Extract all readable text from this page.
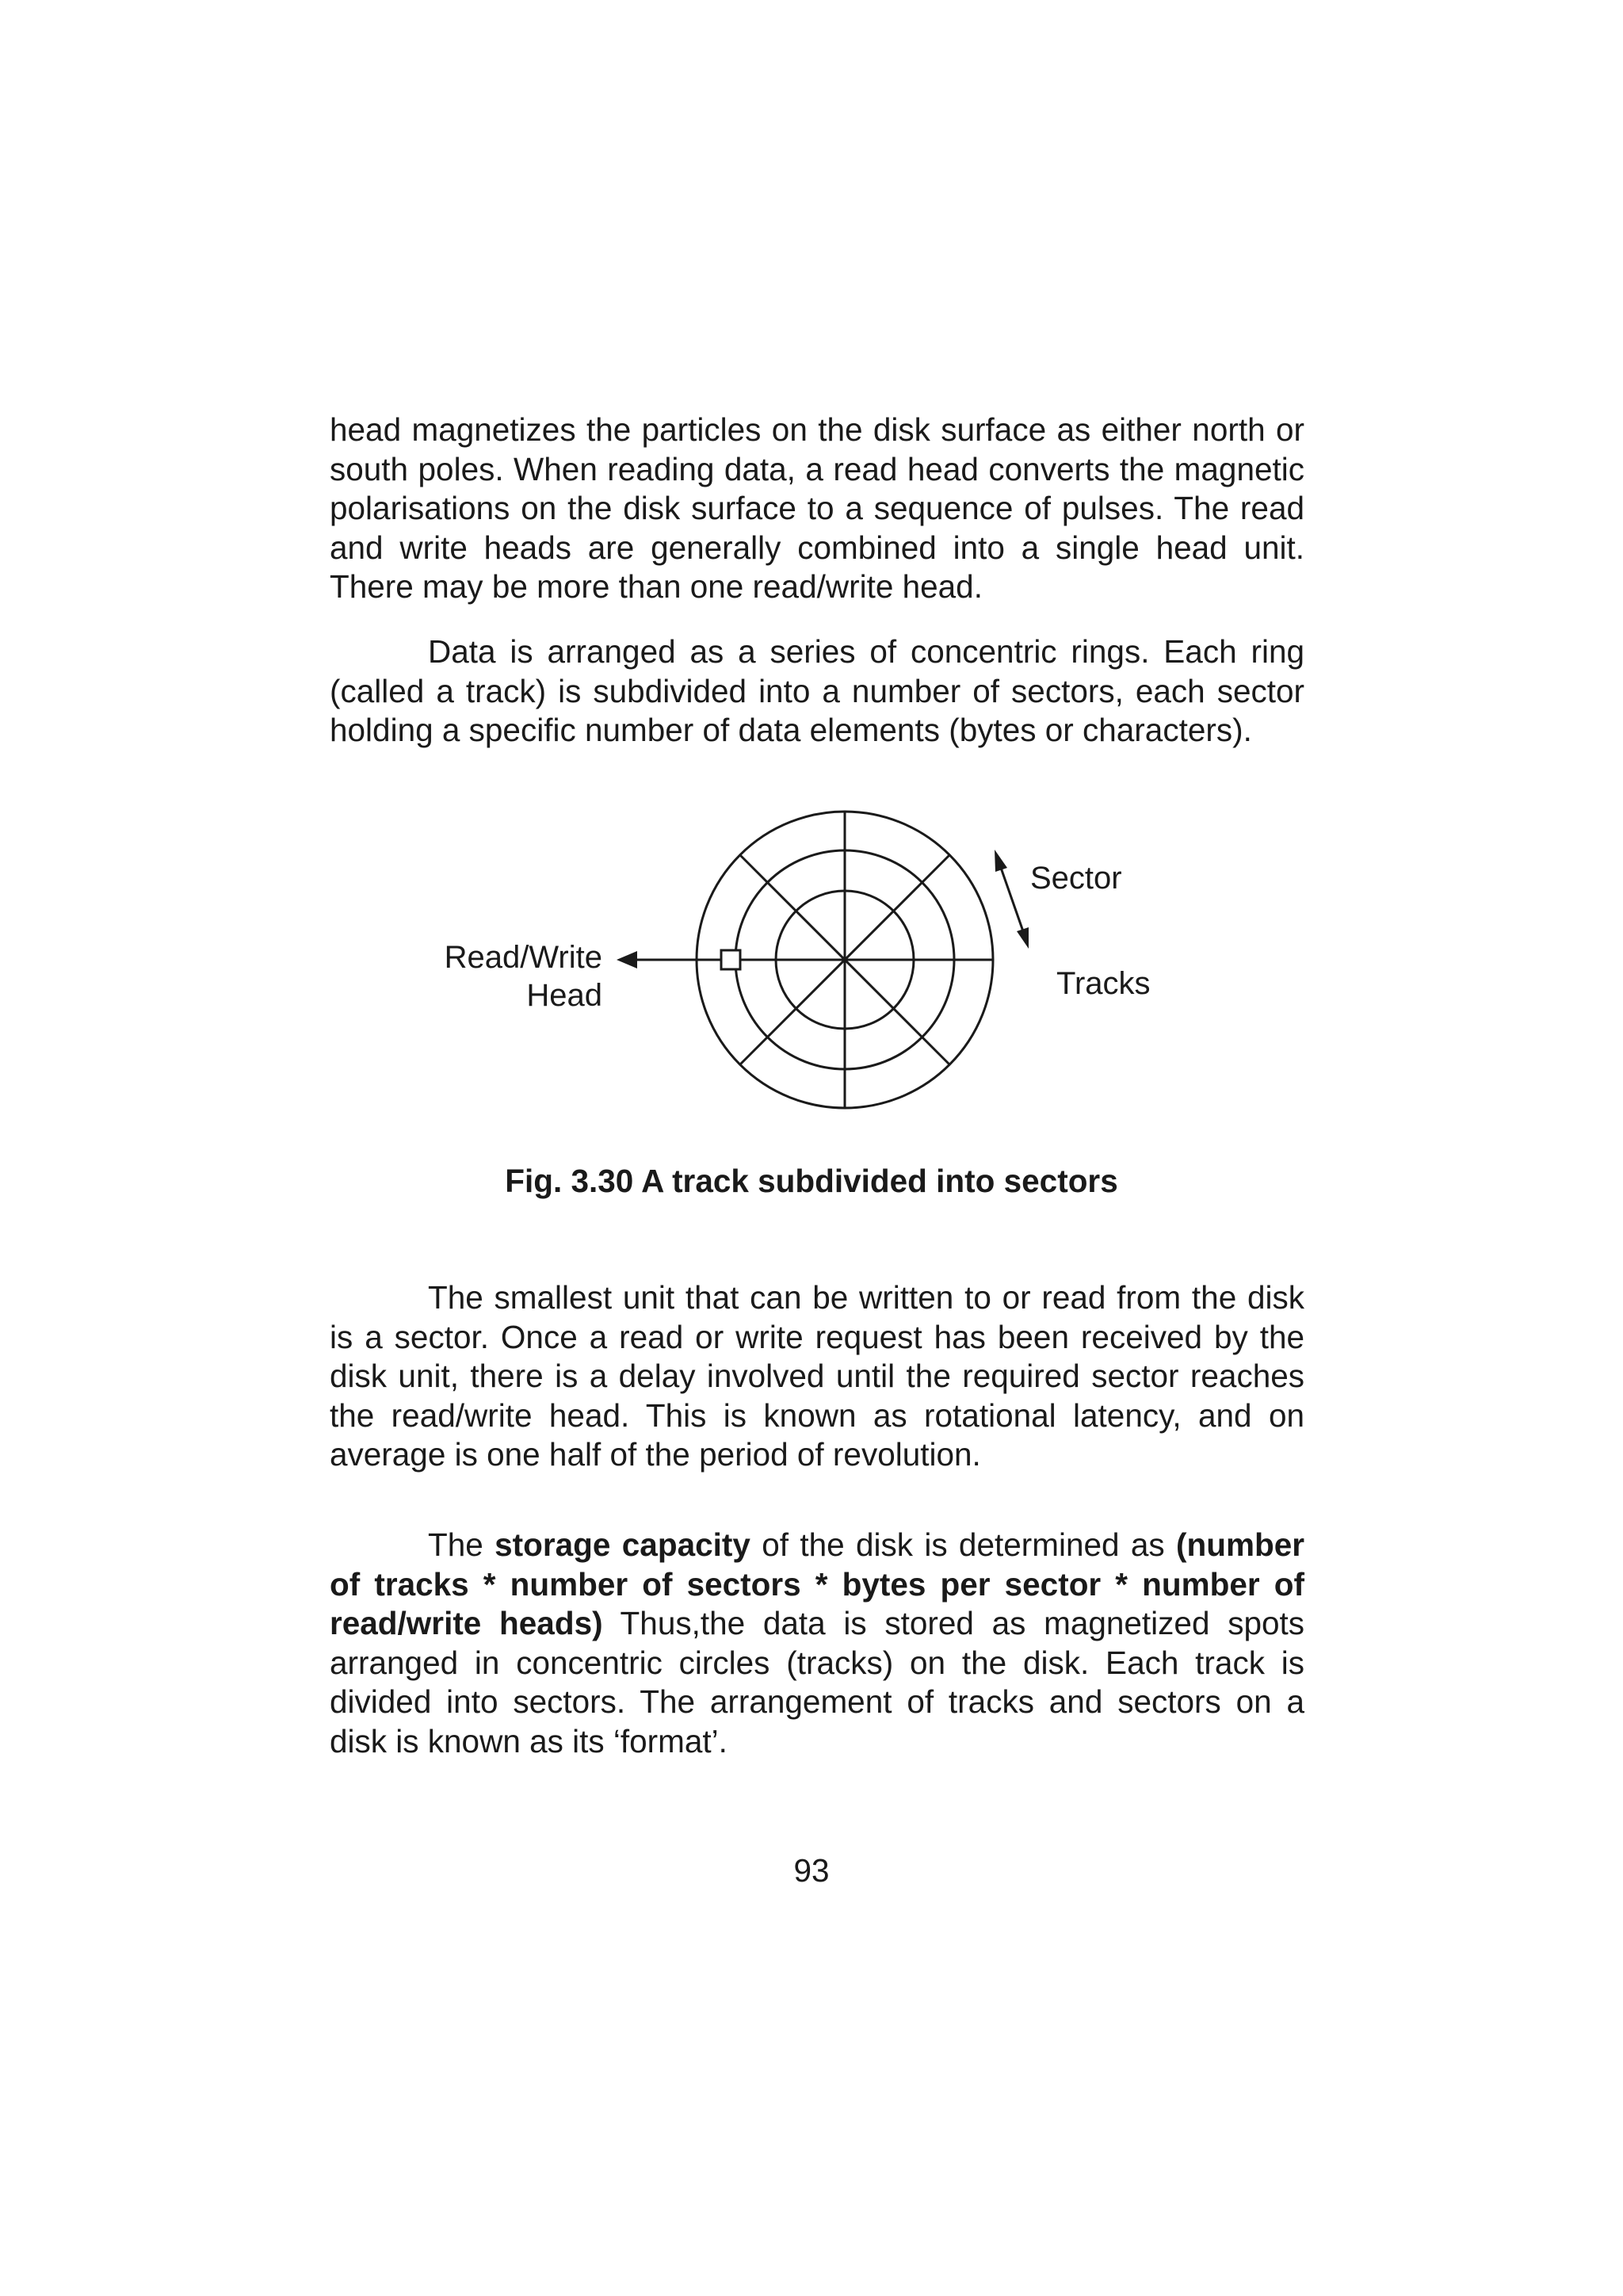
head magnetizes the particles on the disk surface as either north or south poles. When reading data, a read head converts the magnetic polarisations on the disk surface to a sequence of pulses. The read and write heads are generally combined into a single head unit. There may be more than one read/write head.

Data is arranged as a series of concentric rings. Each ring (called a track) is subdivided into a number of sectors, each sector holding a specific number of data elements (bytes or characters).

Sector
Tracks
Read/Write
Head

Fig. 3.30 A track subdivided into sectors

The smallest unit that can be written to or read from the disk is a sector. Once a read or write request has been received by the disk unit, there is a delay involved until the required sector reaches the read/write head. This is known as rotational latency, and on average is one half of the period of revolution.

The storage capacity of the disk is determined as (number of tracks * number of sectors * bytes per sector * number of read/write heads) Thus,the data is stored as magnetized spots arranged in concentric circles (tracks) on the disk. Each track is divided into sectors. The arrangement of tracks and sectors on a disk is known as its ‘format’.

93
